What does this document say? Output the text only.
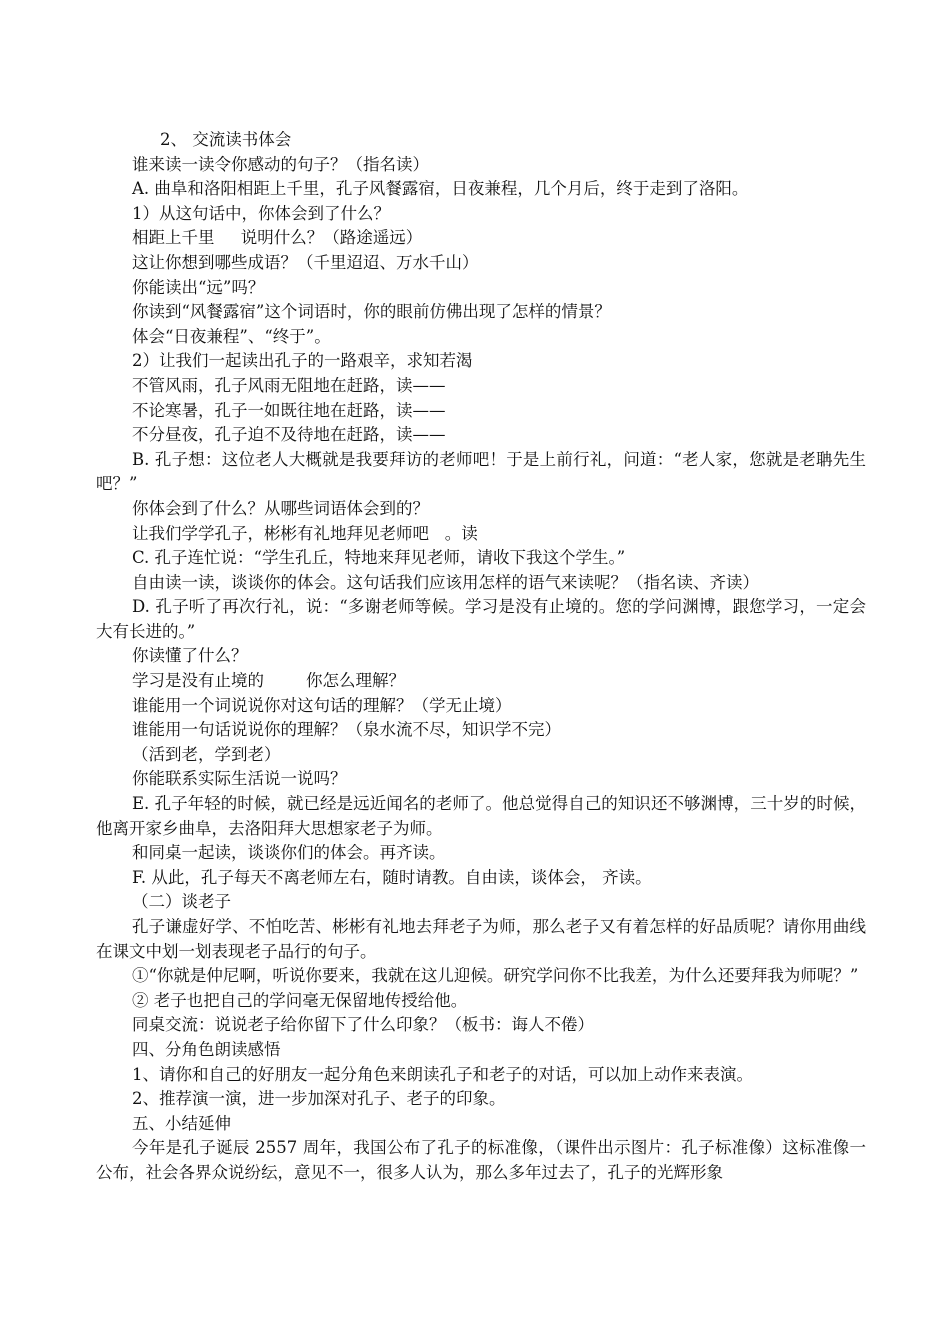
2、 交流读书体会

谁来读一读令你感动的句子？（指名读）

A. 曲阜和洛阳相距上千里，孔子风餐露宿，日夜兼程，几个月后，终于走到了洛阳。

1）从这句话中，你体会到了什么？

相距上千里     说明什么？（路途遥远）

这让你想到哪些成语？（千里迢迢、万水千山）

你能读出“远”吗？

你读到“风餐露宿”这个词语时，你的眼前仿佛出现了怎样的情景？

体会“日夜兼程”、“终于”。

2）让我们一起读出孔子的一路艰辛，求知若渴

不管风雨，孔子风雨无阻地在赶路，读——

不论寒暑，孔子一如既往地在赶路，读——

不分昼夜，孔子迫不及待地在赶路，读——

B. 孔子想：这位老人大概就是我要拜访的老师吧！于是上前行礼，问道：“老人家，您就是老聃先生吧？”

你体会到了什么？从哪些词语体会到的？

让我们学学孔子，彬彬有礼地拜见老师吧   。读

C. 孔子连忙说：“学生孔丘，特地来拜见老师，请收下我这个学生。”

自由读一读，谈谈你的体会。这句话我们应该用怎样的语气来读呢？（指名读、齐读）

D. 孔子听了再次行礼，说：“多谢老师等候。学习是没有止境的。您的学问渊博，跟您学习，一定会大有长进的。”

你读懂了什么？

学习是没有止境的        你怎么理解？

谁能用一个词说说你对这句话的理解？（学无止境）

谁能用一句话说说你的理解？（泉水流不尽，知识学不完）

（活到老，学到老）

你能联系实际生活说一说吗？

E. 孔子年轻的时候，就已经是远近闻名的老师了。他总觉得自己的知识还不够渊博，三十岁的时候，他离开家乡曲阜，去洛阳拜大思想家老子为师。

和同桌一起读，谈谈你们的体会。再齐读。

F. 从此，孔子每天不离老师左右，随时请教。自由读，谈体会， 齐读。

（二）谈老子

孔子谦虚好学、不怕吃苦、彬彬有礼地去拜老子为师，那么老子又有着怎样的好品质呢？请你用曲线在课文中划一划表现老子品行的句子。

①“你就是仲尼啊，听说你要来，我就在这儿迎候。研究学问你不比我差，为什么还要拜我为师呢？”

② 老子也把自己的学问毫无保留地传授给他。

同桌交流：说说老子给你留下了什么印象？（板书：诲人不倦）

四、分角色朗读感悟

1、请你和自己的好朋友一起分角色来朗读孔子和老子的对话，可以加上动作来表演。

2、推荐演一演，进一步加深对孔子、老子的印象。

五、小结延伸

今年是孔子诞辰 2557 周年，我国公布了孔子的标准像，（课件出示图片：孔子标准像）这标准像一公布，社会各界众说纷纭，意见不一，很多人认为，那么多年过去了，孔子的光辉形象
